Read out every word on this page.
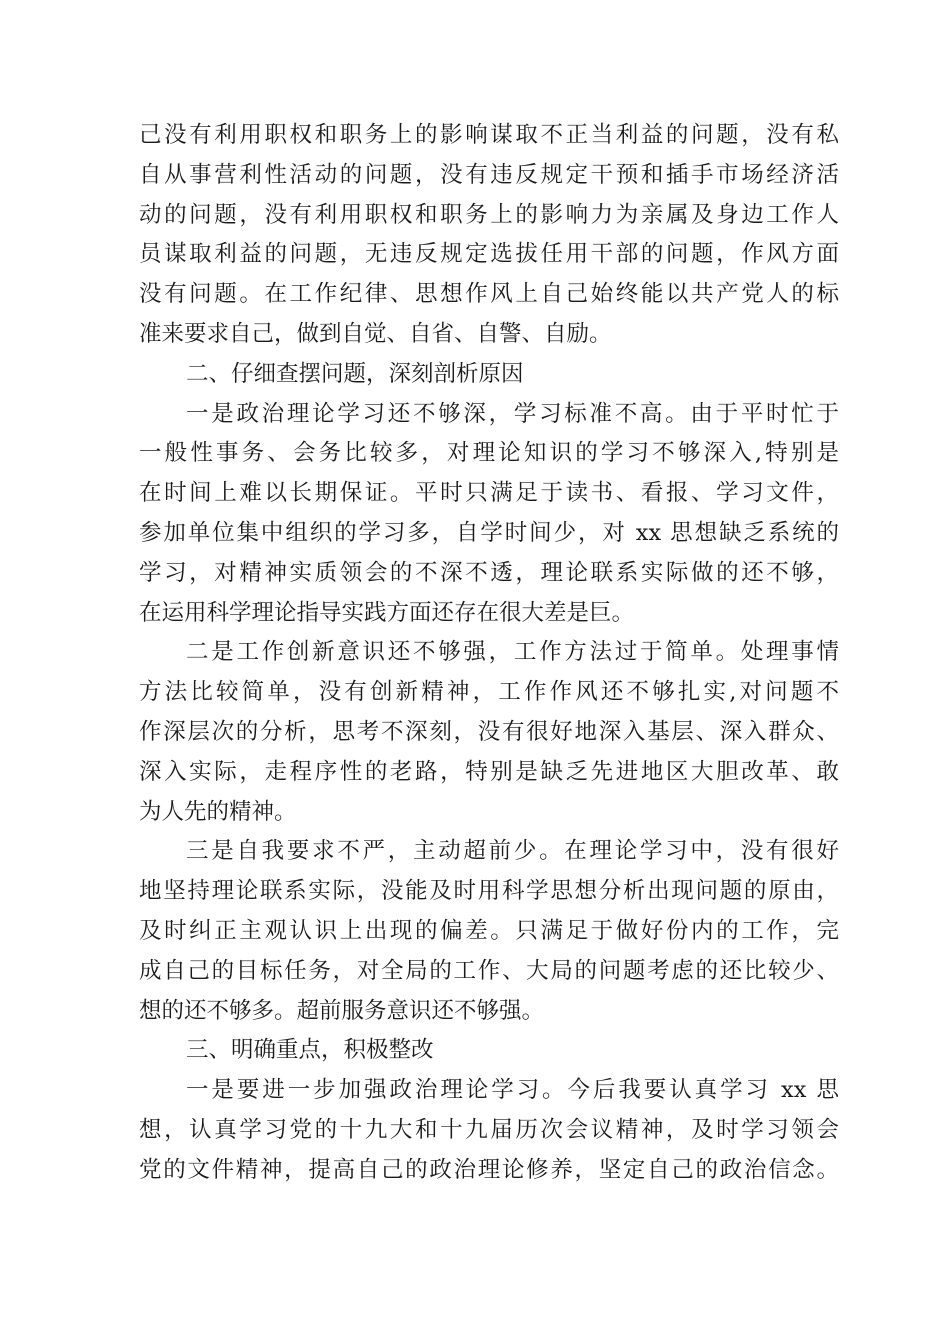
己没有利用职权和职务上的影响谋取不正当利益的问题，没有私
自从事营利性活动的问题，没有违反规定干预和插手市场经济活
动的问题，没有利用职权和职务上的影响力为亲属及身边工作人
员谋取利益的问题，无违反规定选拔任用干部的问题，作风方面
没有问题。在工作纪律、思想作风上自己始终能以共产党人的标
准来要求自己，做到自觉、自省、自警、自励。
二、仔细查摆问题，深刻剖析原因
一是政治理论学习还不够深，学习标准不高。由于平时忙于
一般性事务、会务比较多，对理论知识的学习不够深入,特别是
在时间上难以长期保证。平时只满足于读书、看报、学习文件，
参加单位集中组织的学习多，自学时间少，对 xx 思想缺乏系统的
学习，对精神实质领会的不深不透，理论联系实际做的还不够，
在运用科学理论指导实践方面还存在很大差是巨。
二是工作创新意识还不够强，工作方法过于简单。处理事情
方法比较简单，没有创新精神，工作作风还不够扎实,对问题不
作深层次的分析，思考不深刻，没有很好地深入基层、深入群众、
深入实际，走程序性的老路，特别是缺乏先进地区大胆改革、敢
为人先的精神。
三是自我要求不严，主动超前少。在理论学习中，没有很好
地坚持理论联系实际，没能及时用科学思想分析出现问题的原由，
及时纠正主观认识上出现的偏差。只满足于做好份内的工作，完
成自己的目标任务，对全局的工作、大局的问题考虑的还比较少、
想的还不够多。超前服务意识还不够强。
三、明确重点，积极整改
一是要进一步加强政治理论学习。今后我要认真学习 xx 思
想，认真学习党的十九大和十九届历次会议精神，及时学习领会
党的文件精神，提高自己的政治理论修养，坚定自己的政治信念。
